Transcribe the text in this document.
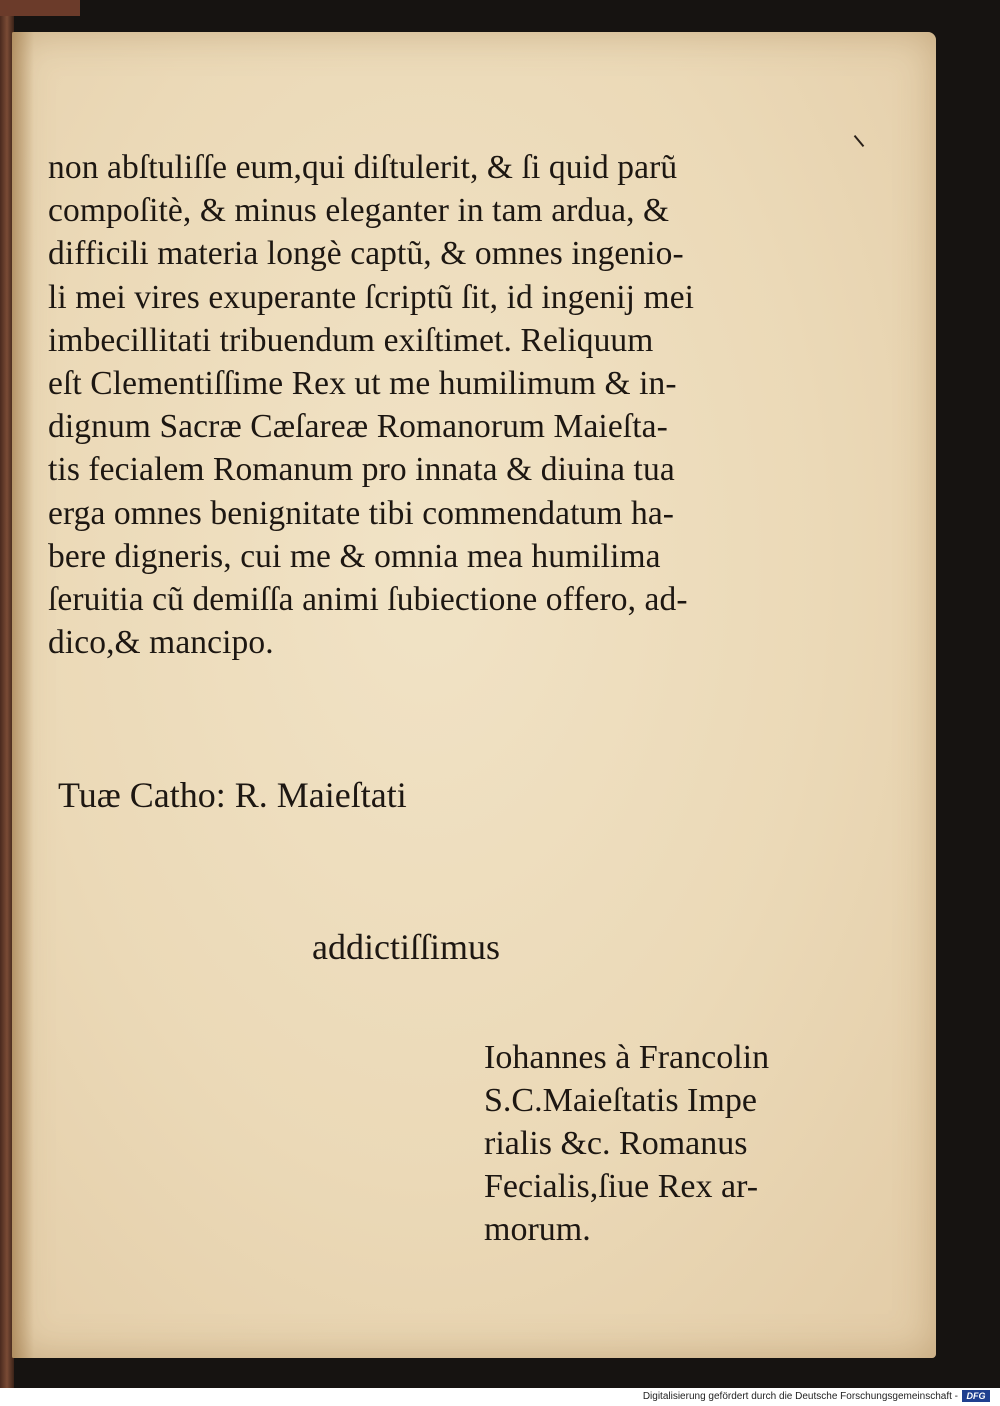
non abſtuliſſe eum,qui diſtulerit, & ſi quid parũ
compoſitè, & minus eleganter in tam ardua, &
difficili materia longè captũ, & omnes ingenio-
li mei vires exuperante ſcriptũ ſit, id ingenij mei
imbecillitati tribuendum exiſtimet. Reliquum
eſt Clementiſſime Rex ut me humilimum & in-
dignum Sacræ Cæſareæ Romanorum Maieſta-
tis fecialem Romanum pro innata & diuina tua
erga omnes benignitate tibi commendatum ha-
bere digneris, cui me & omnia mea humilima
ſeruitia cũ demiſſa animi ſubiectione offero, ad-
dico,& mancipo.
Tuæ Catho: R. Maieſtati
addictiſſimus
Iohannes à Francolin
S.C.Maieſtatis Impe
rialis &c. Romanus
Fecialis,ſiue Rex ar-
morum.
Digitalisierung gefördert durch die Deutsche Forschungsgemeinschaft - DFG
